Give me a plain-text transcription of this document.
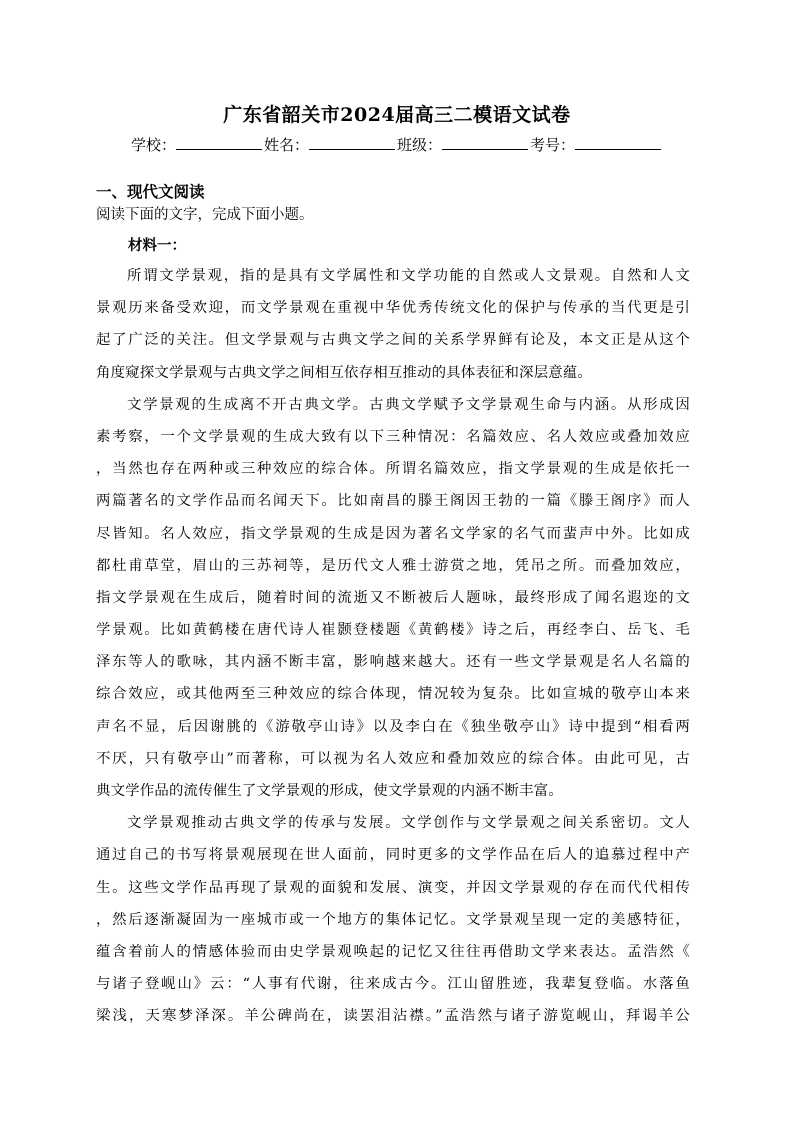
广东省韶关市2024届高三二模语文试卷
学校：	姓名：	班级：	考号：
一、现代文阅读
阅读下面的文字，完成下面小题。
材料一：
所谓文学景观，指的是具有文学属性和文学功能的自然或人文景观。自然和人文
景观历来备受欢迎，而文学景观在重视中华优秀传统文化的保护与传承的当代更是引
起了广泛的关注。但文学景观与古典文学之间的关系学界鲜有论及，本文正是从这个
角度窥探文学景观与古典文学之间相互依存相互推动的具体表征和深层意蕴。
文学景观的生成离不开古典文学。古典文学赋予文学景观生命与内涵。从形成因
素考察，一个文学景观的生成大致有以下三种情况：名篇效应、名人效应或叠加效应
，当然也存在两种或三种效应的综合体。所谓名篇效应，指文学景观的生成是依托一
两篇著名的文学作品而名闻天下。比如南昌的滕王阁因王勃的一篇《滕王阁序》而人
尽皆知。名人效应，指文学景观的生成是因为著名文学家的名气而蜚声中外。比如成
都杜甫草堂，眉山的三苏祠等，是历代文人雅士游赏之地，凭吊之所。而叠加效应，
指文学景观在生成后，随着时间的流逝又不断被后人题咏，最终形成了闻名遐迩的文
学景观。比如黄鹤楼在唐代诗人崔颢登楼题《黄鹤楼》诗之后，再经李白、岳飞、毛
泽东等人的歌咏，其内涵不断丰富，影响越来越大。还有一些文学景观是名人名篇的
综合效应，或其他两至三种效应的综合体现，情况较为复杂。比如宣城的敬亭山本来
声名不显，后因谢朓的《游敬亭山诗》以及李白在《独坐敬亭山》诗中提到“相看两
不厌，只有敬亭山”而著称，可以视为名人效应和叠加效应的综合体。由此可见，古
典文学作品的流传催生了文学景观的形成，使文学景观的内涵不断丰富。
文学景观推动古典文学的传承与发展。文学创作与文学景观之间关系密切。文人
通过自己的书写将景观展现在世人面前，同时更多的文学作品在后人的追慕过程中产
生。这些文学作品再现了景观的面貌和发展、演变，并因文学景观的存在而代代相传
，然后逐渐凝固为一座城市或一个地方的集体记忆。文学景观呈现一定的美感特征，
蕴含着前人的情感体验而由史学景观唤起的记忆又往往再借助文学来表达。孟浩然《
与诸子登岘山》云：“人事有代谢，往来成古今。江山留胜迹，我辈复登临。水落鱼
梁浅，天寒梦泽深。羊公碑尚在，读罢泪沾襟。”孟浩然与诸子游览岘山，拜谒羊公
